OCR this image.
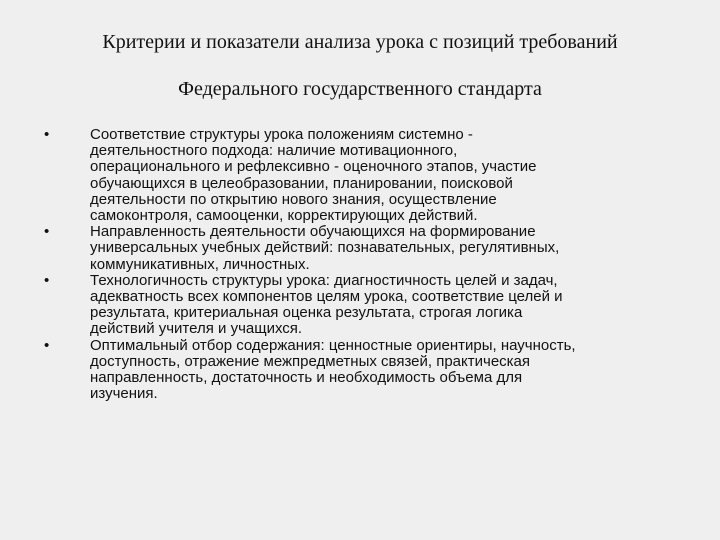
Критерии и показатели анализа урока с позиций требований
Федерального государственного стандарта
•	Соответствие структуры урока положениям системно -
деятельностного подхода: наличие мотивационного,
операционального и рефлексивно - оценочного этапов, участие
обучающихся в целеобразовании, планировании, поисковой
деятельности по открытию нового знания, осуществление
самоконтроля, самооценки, корректирующих действий.
•	Направленность деятельности обучающихся на формирование
универсальных учебных действий: познавательных, регулятивных,
коммуникативных, личностных.
•	Технологичность структуры урока: диагностичность целей и задач,
адекватность всех компонентов целям урока, соответствие целей и
результата, критериальная оценка результата, строгая логика
действий учителя и учащихся.
•	Оптимальный отбор содержания: ценностные ориентиры, научность,
доступность, отражение межпредметных связей, практическая
направленность, достаточность и необходимость объема для
изучения.
